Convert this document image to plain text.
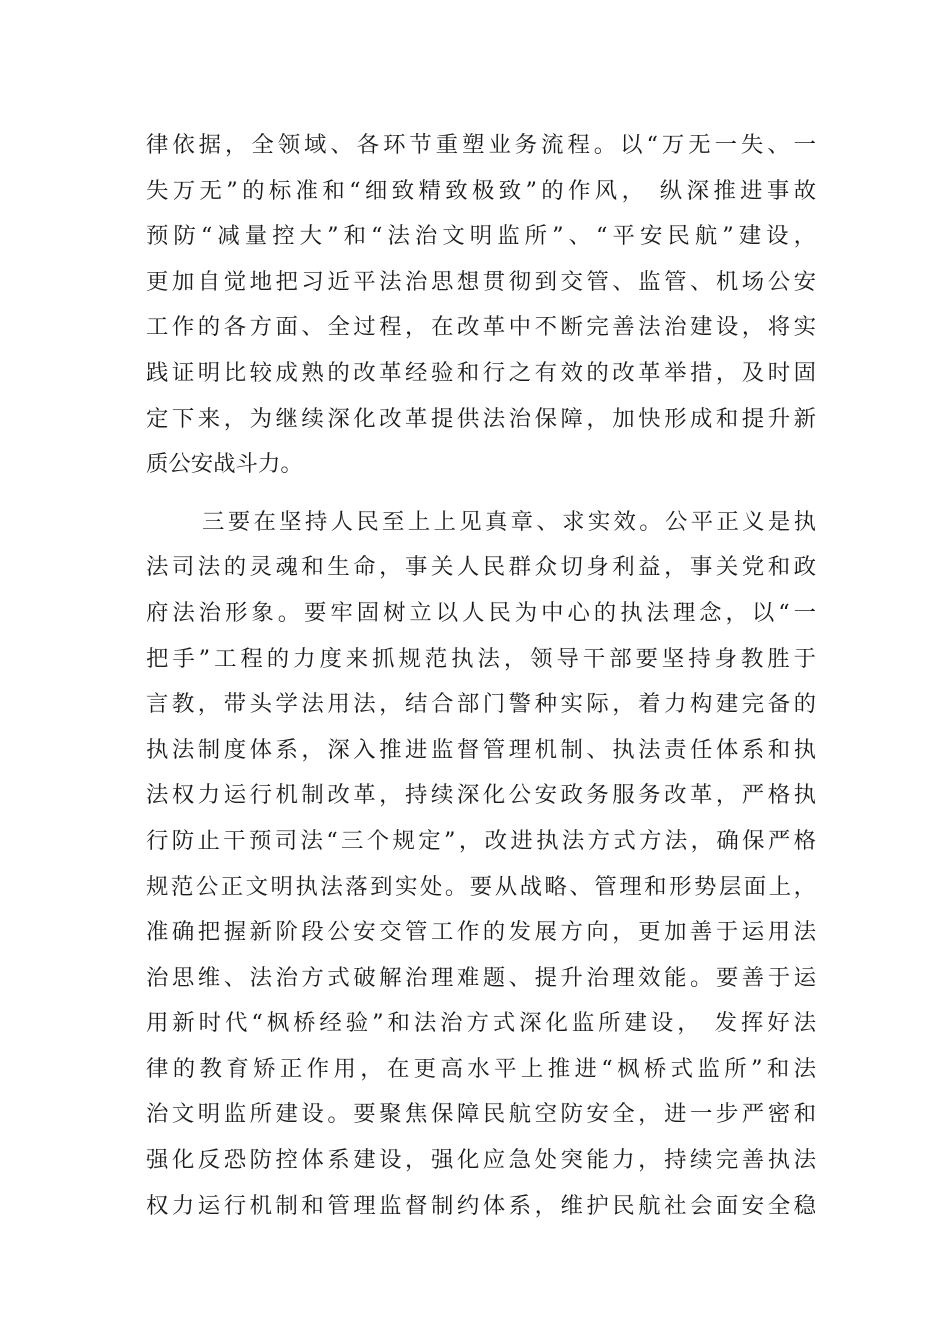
律依据，全领域、各环节重塑业务流程。以“万无一失、一
失万无”的标准和“细致精致极致”的作风， 纵深推进事故
预防“减量控大”和“法治文明监所”、“平安民航”建设，
更加自觉地把习近平法治思想贯彻到交管、监管、机场公安
工作的各方面、全过程，在改革中不断完善法治建设，将实
践证明比较成熟的改革经验和行之有效的改革举措，及时固
定下来，为继续深化改革提供法治保障，加快形成和提升新
质公安战斗力。
三要在坚持人民至上上见真章、求实效。公平正义是执
法司法的灵魂和生命，事关人民群众切身利益，事关党和政
府法治形象。要牢固树立以人民为中心的执法理念，以“一
把手”工程的力度来抓规范执法，领导干部要坚持身教胜于
言教，带头学法用法，结合部门警种实际，着力构建完备的
执法制度体系，深入推进监督管理机制、执法责任体系和执
法权力运行机制改革，持续深化公安政务服务改革，严格执
行防止干预司法“三个规定”，改进执法方式方法，确保严格
规范公正文明执法落到实处。要从战略、管理和形势层面上，
准确把握新阶段公安交管工作的发展方向，更加善于运用法
治思维、法治方式破解治理难题、提升治理效能。要善于运
用新时代“枫桥经验”和法治方式深化监所建设， 发挥好法
律的教育矫正作用，在更高水平上推进“枫桥式监所”和法
治文明监所建设。要聚焦保障民航空防安全，进一步严密和
强化反恐防控体系建设，强化应急处突能力，持续完善执法
权力运行机制和管理监督制约体系，维护民航社会面安全稳
